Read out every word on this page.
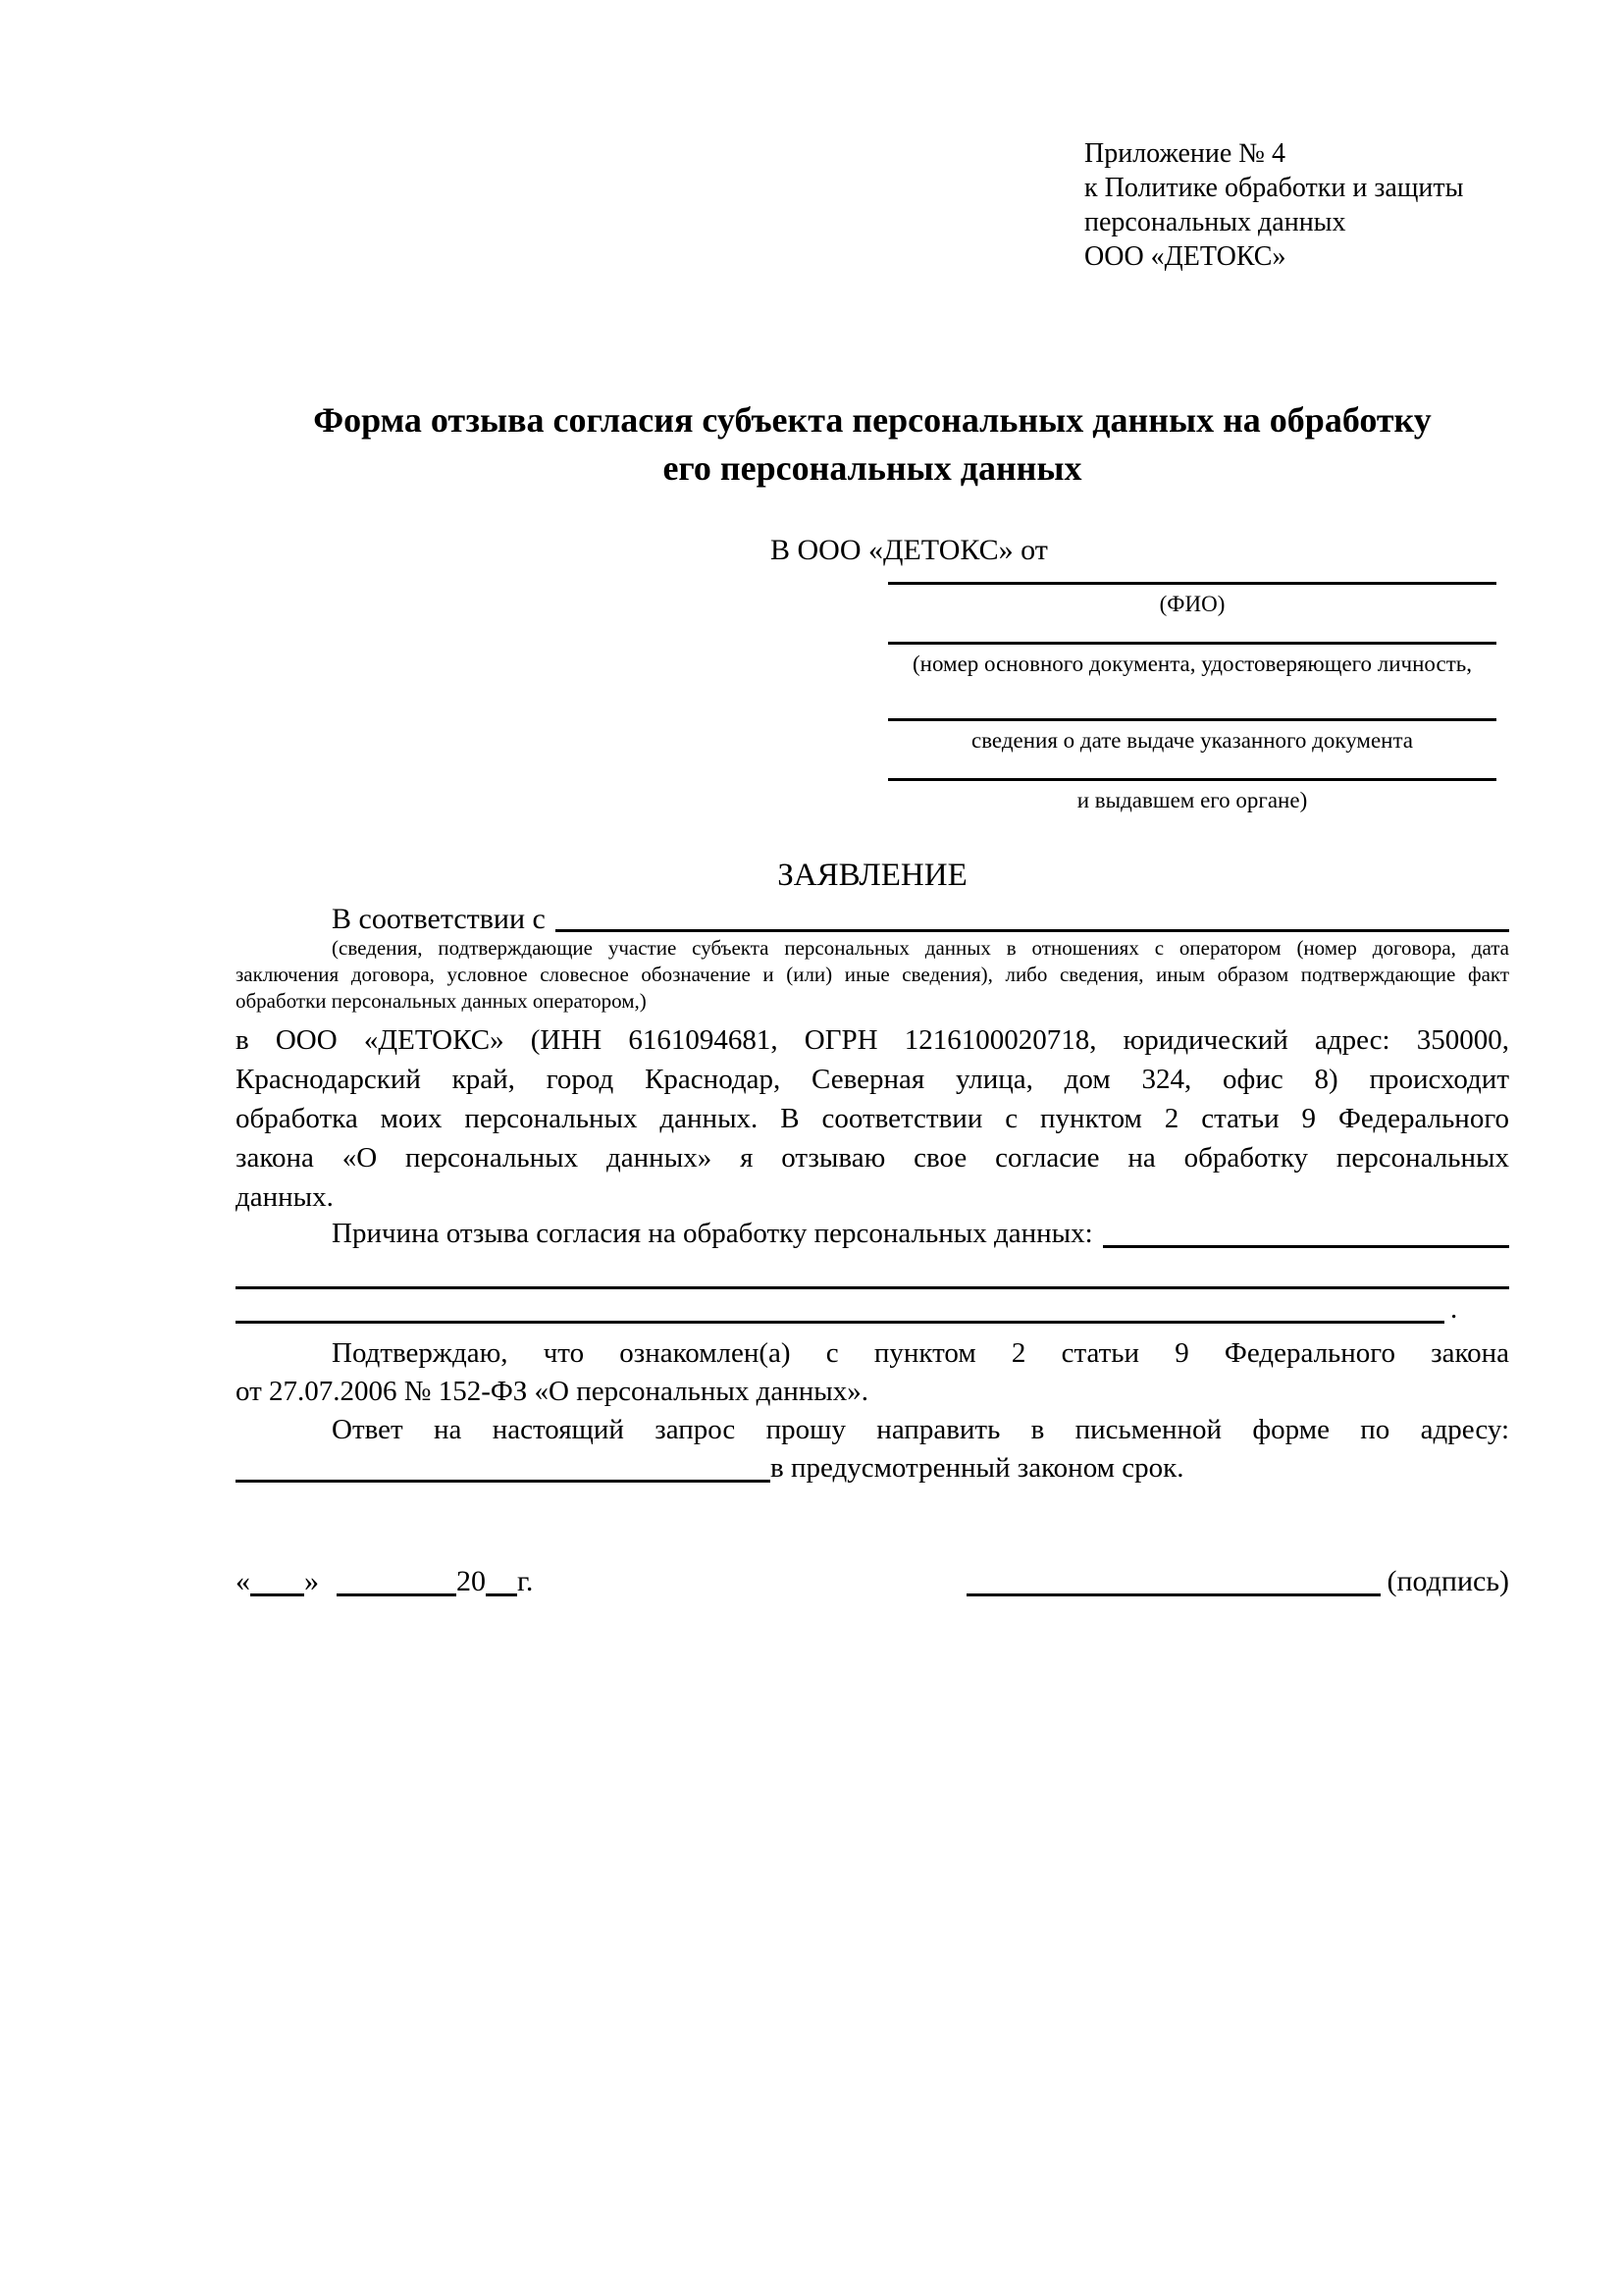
Приложение № 4
к Политике обработки и защиты
персональных данных
ООО «ДЕТОКС»
Форма отзыва согласия субъекта персональных данных на обработку
его персональных данных
В ООО «ДЕТОКС» от
(ФИО)
(номер основного документа, удостоверяющего личность,
сведения о дате выдаче указанного документа
и выдавшем его органе)
ЗАЯВЛЕНИЕ
В соответствии с
(сведения, подтверждающие участие субъекта персональных данных в отношениях с оператором (номер договора, дата
заключения договора, условное словесное обозначение и (или) иные сведения), либо сведения, иным образом подтверждающие факт
обработки персональных данных оператором,)
в ООО «ДЕТОКС» (ИНН 6161094681, ОГРН 1216100020718, юридический адрес: 350000,
Краснодарский край, город Краснодар, Северная улица, дом 324, офис 8) происходит
обработка моих персональных данных. В соответствии с пунктом 2 статьи 9 Федерального
закона «О персональных данных» я отзываю свое согласие на обработку персональных
данных.
Причина отзыва согласия на обработку персональных данных:
.
Подтверждаю, что ознакомлен(а) с пунктом 2 статьи 9 Федерального закона
от 27.07.2006 № 152-ФЗ «О персональных данных».
Ответ на настоящий запрос прошу направить в письменной форме по адресу:
в предусмотренный законом срок.
« »	20 г.	(подпись)
